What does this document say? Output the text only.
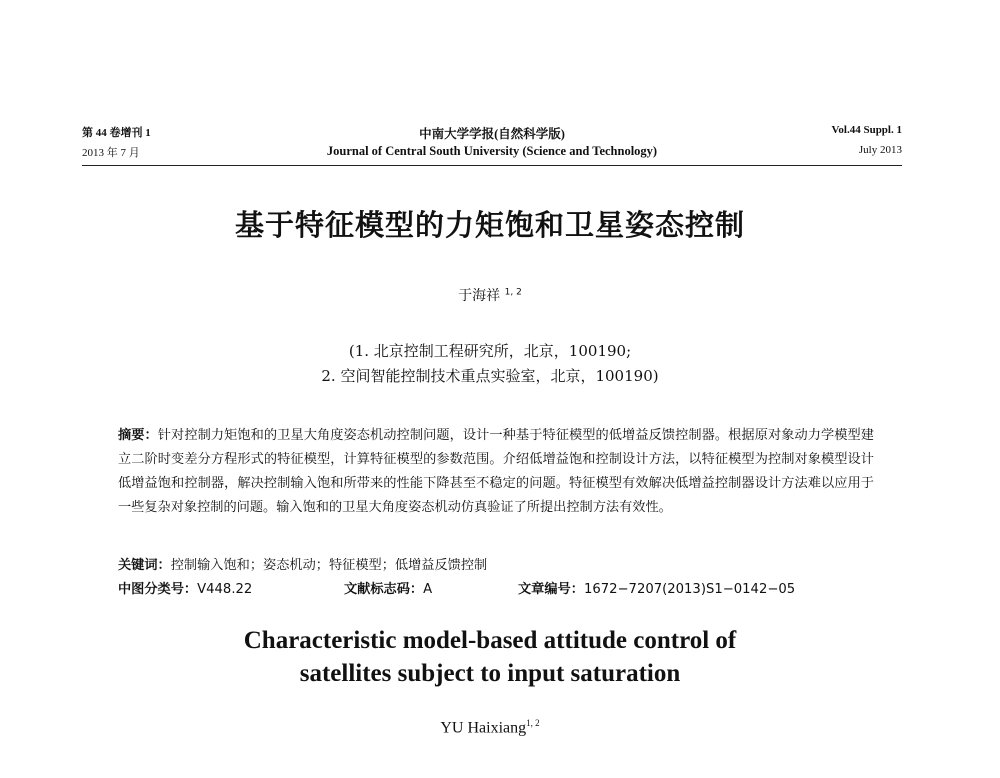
第 44 卷增刊 1	中南大学学报(自然科学版)	Vol.44 Suppl. 1
2013 年 7 月	Journal of Central South University (Science and Technology)	July 2013
基于特征模型的力矩饱和卫星姿态控制
于海祥 $^{1, 2}$
(1. 北京控制工程研究所，北京，100190;
2. 空间智能控制技术重点实验室，北京，100190)
摘要：针对控制力矩饱和的卫星大角度姿态机动控制问题，设计一种基于特征模型的低增益反馈控制器。根据原对象动力学模型建立二阶时变差分方程形式的特征模型，计算特征模型的参数范围。介绍低增益饱和控制设计方法，以特征模型为控制对象模型设计低增益饱和控制器，解决控制输入饱和所带来的性能下降甚至不稳定的问题。特征模型有效解决低增益控制器设计方法难以应用于一些复杂对象控制的问题。输入饱和的卫星大角度姿态机动仿真验证了所提出控制方法有效性。
关键词：控制输入饱和；姿态机动；特征模型；低增益反馈控制
中图分类号：V448.22	文献标志码：A	文章编号：1672−7207(2013)S1−0142−05
Characteristic model-based attitude control of
satellites subject to input saturation
YU Haixiang$^{1, 2}$
